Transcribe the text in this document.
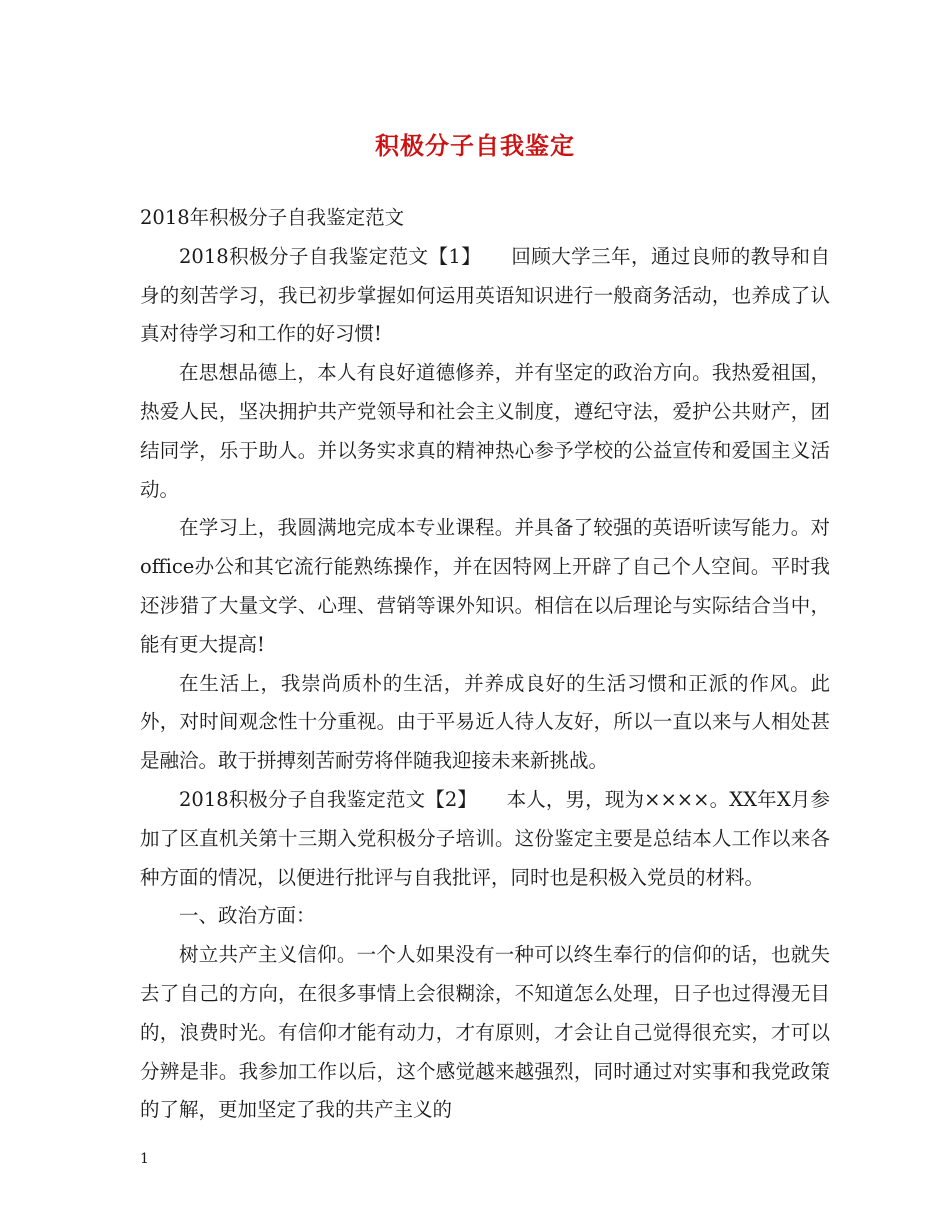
积极分子自我鉴定

2018年积极分子自我鉴定范文

2018积极分子自我鉴定范文【1】　　回顾大学三年，通过良师的教导和自身的刻苦学习，我已初步掌握如何运用英语知识进行一般商务活动，也养成了认真对待学习和工作的好习惯!

在思想品德上，本人有良好道德修养，并有坚定的政治方向。我热爱祖国，热爱人民，坚决拥护共产党领导和社会主义制度，遵纪守法，爱护公共财产，团结同学，乐于助人。并以务实求真的精神热心参予学校的公益宣传和爱国主义活动。

在学习上，我圆满地完成本专业课程。并具备了较强的英语听读写能力。对office办公和其它流行能熟练操作，并在因特网上开辟了自己个人空间。平时我还涉猎了大量文学、心理、营销等课外知识。相信在以后理论与实际结合当中，能有更大提高!

在生活上，我崇尚质朴的生活，并养成良好的生活习惯和正派的作风。此外，对时间观念性十分重视。由于平易近人待人友好，所以一直以来与人相处甚是融洽。敢于拼搏刻苦耐劳将伴随我迎接未来新挑战。

2018积极分子自我鉴定范文【2】　　本人，男，现为××××。XX年X月参加了区直机关第十三期入党积极分子培训。这份鉴定主要是总结本人工作以来各种方面的情况，以便进行批评与自我批评，同时也是积极入党员的材料。

一、政治方面：

树立共产主义信仰。一个人如果没有一种可以终生奉行的信仰的话，也就失去了自己的方向，在很多事情上会很糊涂，不知道怎么处理，日子也过得漫无目的，浪费时光。有信仰才能有动力，才有原则，才会让自己觉得很充实，才可以分辨是非。我参加工作以后，这个感觉越来越强烈，同时通过对实事和我党政策的了解，更加坚定了我的共产主义的

1
